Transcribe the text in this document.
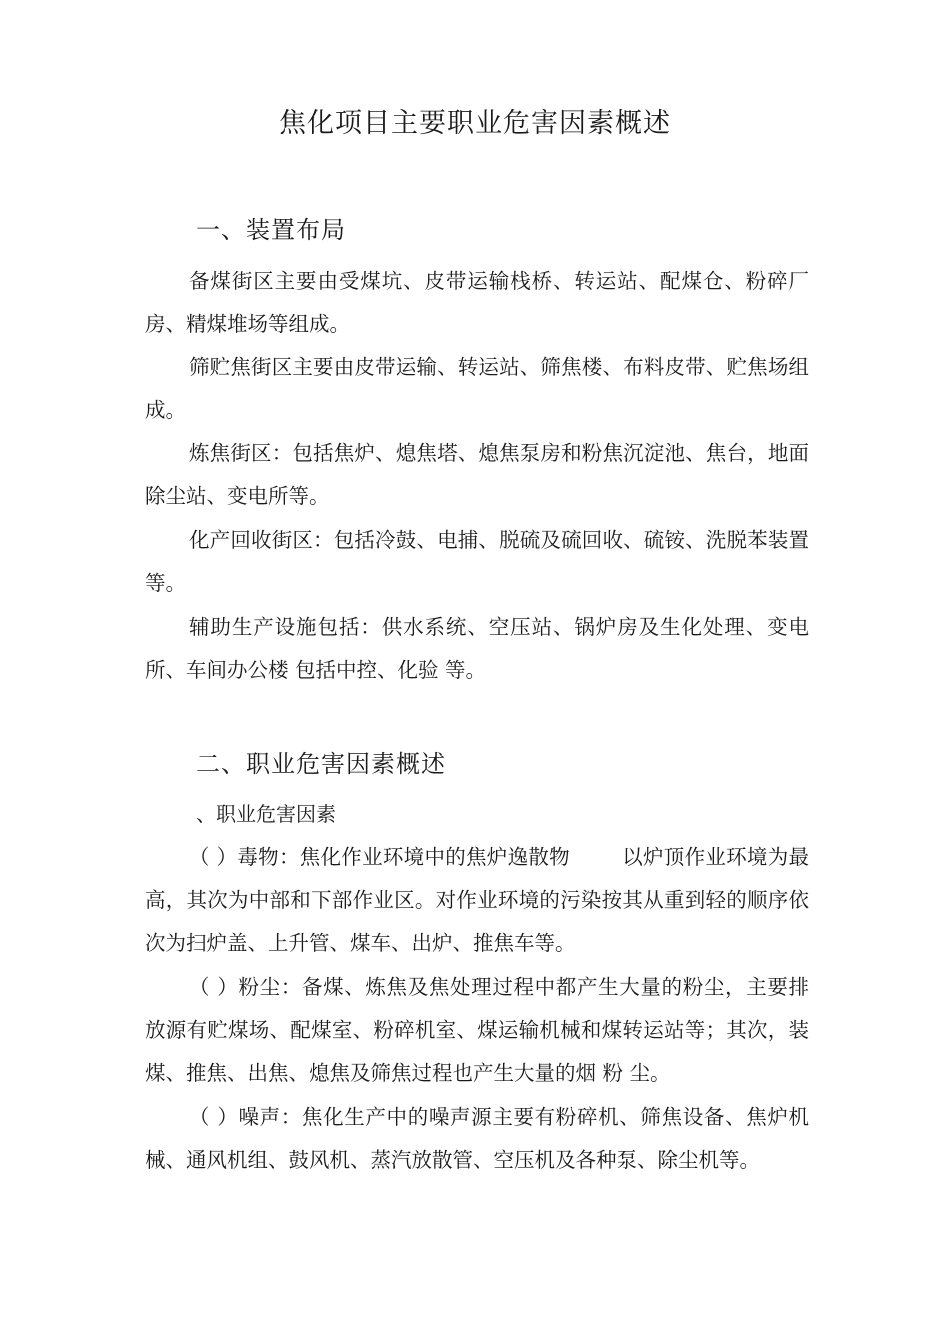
焦化项目主要职业危害因素概述
一、装置布局

备煤街区主要由受煤坑、皮带运输栈桥、转运站、配煤仓、粉碎厂房、精煤堆场等组成。

筛贮焦街区主要由皮带运输、转运站、筛焦楼、布料皮带、贮焦场组成。

炼焦街区：包括焦炉、熄焦塔、熄焦泵房和粉焦沉淀池、焦台，地面除尘站、变电所等。

化产回收街区：包括冷鼓、电捕、脱硫及硫回收、硫铵、洗脱苯装置等。

辅助生产设施包括：供水系统、空压站、锅炉房及生化处理、变电所、车间办公楼 包括中控、化验 等。

二、职业危害因素概述
、职业危害因素

（ ）毒物：焦化作业环境中的焦炉逸散物	以炉顶作业环境为最高，其次为中部和下部作业区。对作业环境的污染按其从重到轻的顺序依次为扫炉盖、上升管、煤车、出炉、推焦车等。

（ ）粉尘：备煤、炼焦及焦处理过程中都产生大量的粉尘，主要排放源有贮煤场、配煤室、粉碎机室、煤运输机械和煤转运站等；其次，装煤、推焦、出焦、熄焦及筛焦过程也产生大量的烟 粉 尘。

（ ）噪声：焦化生产中的噪声源主要有粉碎机、筛焦设备、焦炉机械、通风机组、鼓风机、蒸汽放散管、空压机及各种泵、除尘机等。
